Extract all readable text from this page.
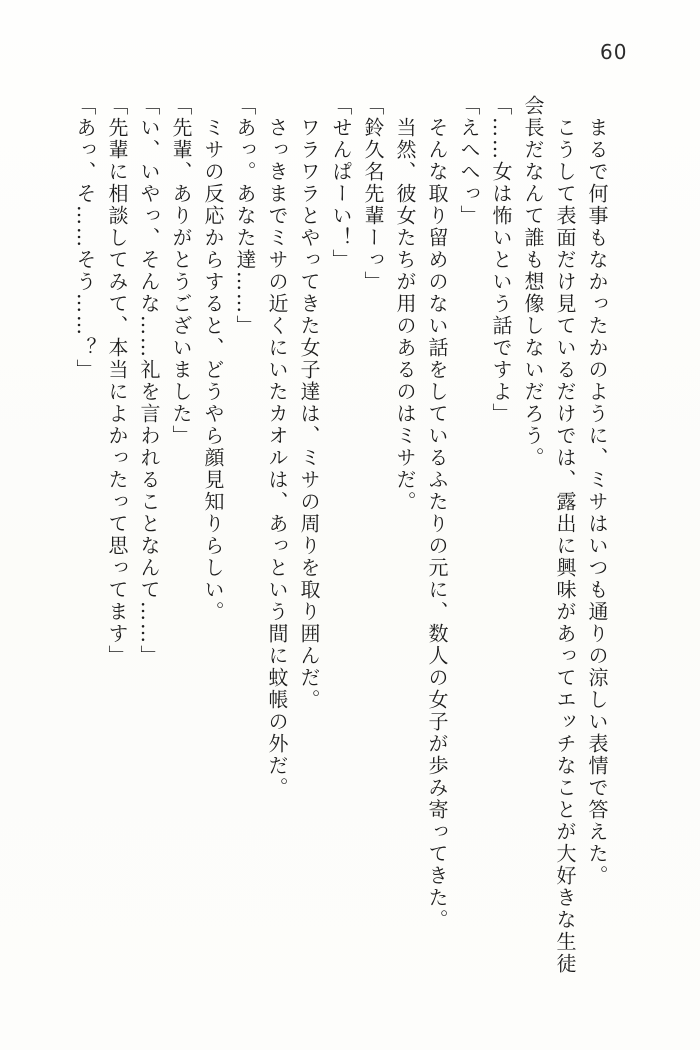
60

　まるで何事もなかったかのように、ミサはいつも通りの涼しい表情で答えた。

　こうして表面だけ見ているだけでは、露出に興味があってエッチなことが大好きな生徒会長だなんて誰も想像しないだろう。

「……女は怖いという話ですよ」

「えへへっ」

　そんな取り留めのない話をしているふたりの元に、数人の女子が歩み寄ってきた。

　当然、彼女たちが用のあるのはミサだ。

「鈴久名先輩ーっ」

「せんぱーい！」

　ワラワラとやってきた女子達は、ミサの周りを取り囲んだ。

　さっきまでミサの近くにいたカオルは、あっという間に蚊帳の外だ。

「あっ。あなた達……」

　ミサの反応からすると、どうやら顔見知りらしい。

「先輩、ありがとうございました」

「い、いやっ、そんな……礼を言われることなんて……」

「先輩に相談してみて、本当によかったって思ってます」

「あっ、そ……そう……？」
